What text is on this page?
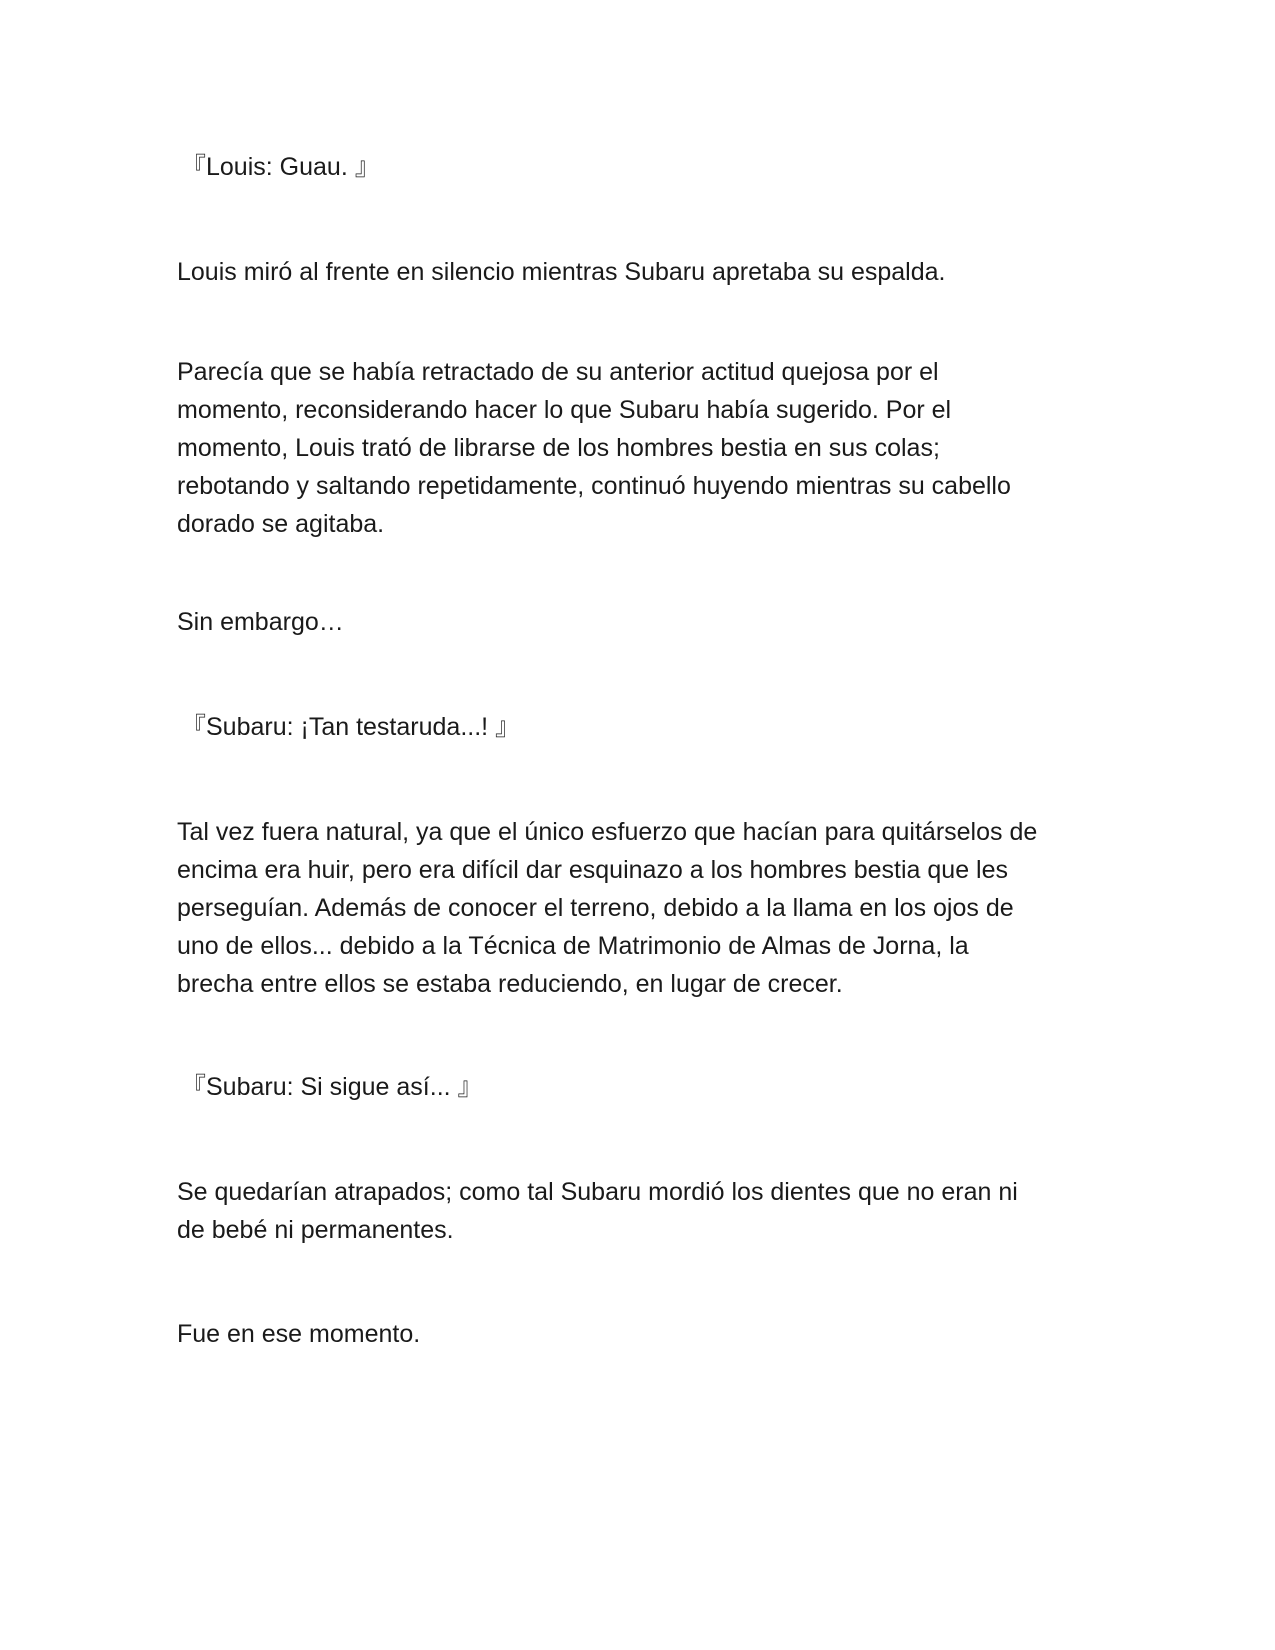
『Louis: Guau. 』

Louis miró al frente en silencio mientras Subaru apretaba su espalda.

Parecía que se había retractado de su anterior actitud quejosa por el
momento, reconsiderando hacer lo que Subaru había sugerido. Por el
momento, Louis trató de librarse de los hombres bestia en sus colas;
rebotando y saltando repetidamente, continuó huyendo mientras su cabello
dorado se agitaba.

Sin embargo…

『Subaru: ¡Tan testaruda...! 』

Tal vez fuera natural, ya que el único esfuerzo que hacían para quitárselos de
encima era huir, pero era difícil dar esquinazo a los hombres bestia que les
perseguían. Además de conocer el terreno, debido a la llama en los ojos de
uno de ellos... debido a la Técnica de Matrimonio de Almas de Jorna, la
brecha entre ellos se estaba reduciendo, en lugar de crecer.

『Subaru: Si sigue así... 』

Se quedarían atrapados; como tal Subaru mordió los dientes que no eran ni
de bebé ni permanentes.

Fue en ese momento.
